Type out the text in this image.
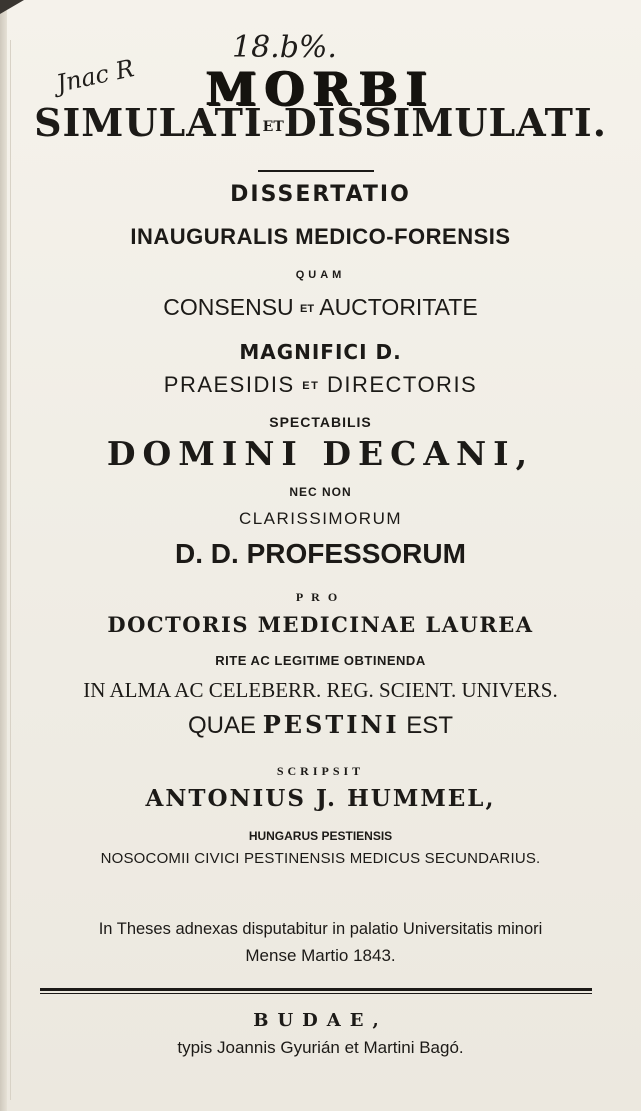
18.b%.
Jnac R	MORBI
SIMULATIETDISSIMULATI.
DISSERTATIO
INAUGURALIS MEDICO-FORENSIS
QUAM
CONSENSU ET AUCTORITATE
MAGNIFICI D.
PRAESIDIS ET DIRECTORIS
SPECTABILIS
DOMINI DECANI,
NEC NON
CLARISSIMORUM
D. D. PROFESSORUM
PRO
DOCTORIS MEDICINAE LAUREA
RITE AC LEGITIME OBTINENDA
IN ALMA AC CELEBERR. REG. SCIENT. UNIVERS.
QUAE PESTINI EST
SCRIPSIT
ANTONIUS J. HUMMEL,
HUNGARUS PESTIENSIS
NOSOCOMII CIVICI PESTINENSIS MEDICUS SECUNDARIUS.
In Theses adnexas disputabitur in palatio Universitatis minori
Mense Martio 1843.
BUDAE,
typis Joannis Gyurián et Martini Bagó.
